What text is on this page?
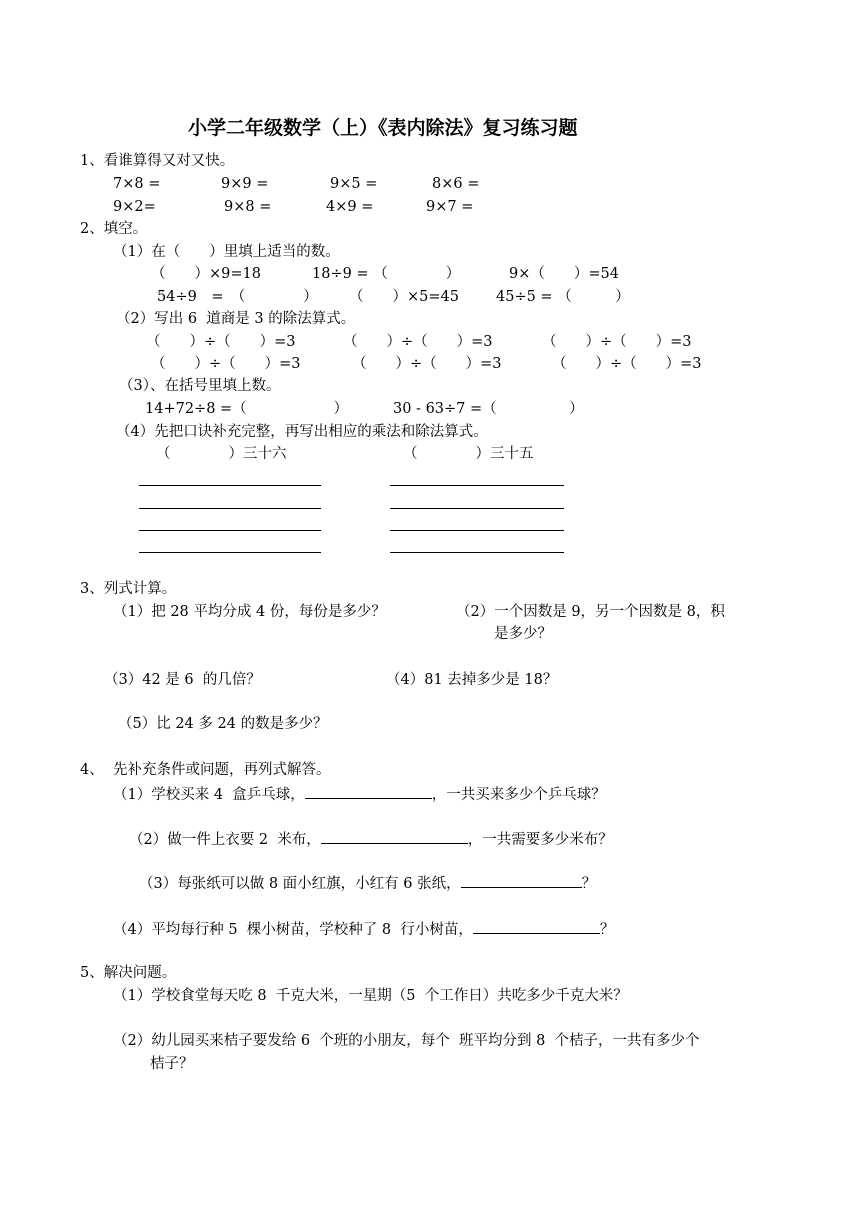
小学二年级数学（上）《表内除法》复习练习题
1、看谁算得又对又快。
7×8 =	9×9 =	9×5 =	8×6 =
9×2=	9×8 =	4×9 =	9×7 =
2、填空。
（1）在（　　）里填上适当的数。
（　　）×9=18	18÷9 = （　　　　）	9×（　　）=54
54÷9　=　（　　　　） （　　）×5=45	45÷5 = （　　　）
（2）写出 6  道商是 3 的除法算式。
（　　）÷（　　）=3	（　　）÷（　　）=3	（　　）÷（　　）=3
（　　）÷（　　）=3	（　　）÷（　　）=3	（　　）÷（　　）=3
（3）、在括号里填上数。
14+72÷8 =（　　　　　　）	30 - 63÷7 =（　　　　　）
（4）先把口诀补充完整，再写出相应的乘法和除法算式。
（　　　　）三十六	（　　　　）三十五
3、列式计算。
（1）把 28 平均分成 4 份，每份是多少？	（2）一个因数是 9，另一个因数是 8，积
是多少？
（3）42 是 6  的几倍？	（4）81 去掉多少是 18？
（5）比 24 多 24 的数是多少？
4、  先补充条件或问题，再列式解答。
（1）学校买来 4  盒乒乓球，	，一共买来多少个乒乓球？
（2）做一件上衣要 2  米布，	，一共需要多少米布？
（3）每张纸可以做 8 面小红旗，小红有 6 张纸，	？
（4）平均每行种 5  棵小树苗，学校种了 8  行小树苗，	？
5、解决问题。
（1）学校食堂每天吃 8  千克大米，一星期（5  个工作日）共吃多少千克大米？
（2）幼儿园买来桔子要发给 6  个班的小朋友，每个  班平均分到 8  个桔子，一共有多少个
桔子？
